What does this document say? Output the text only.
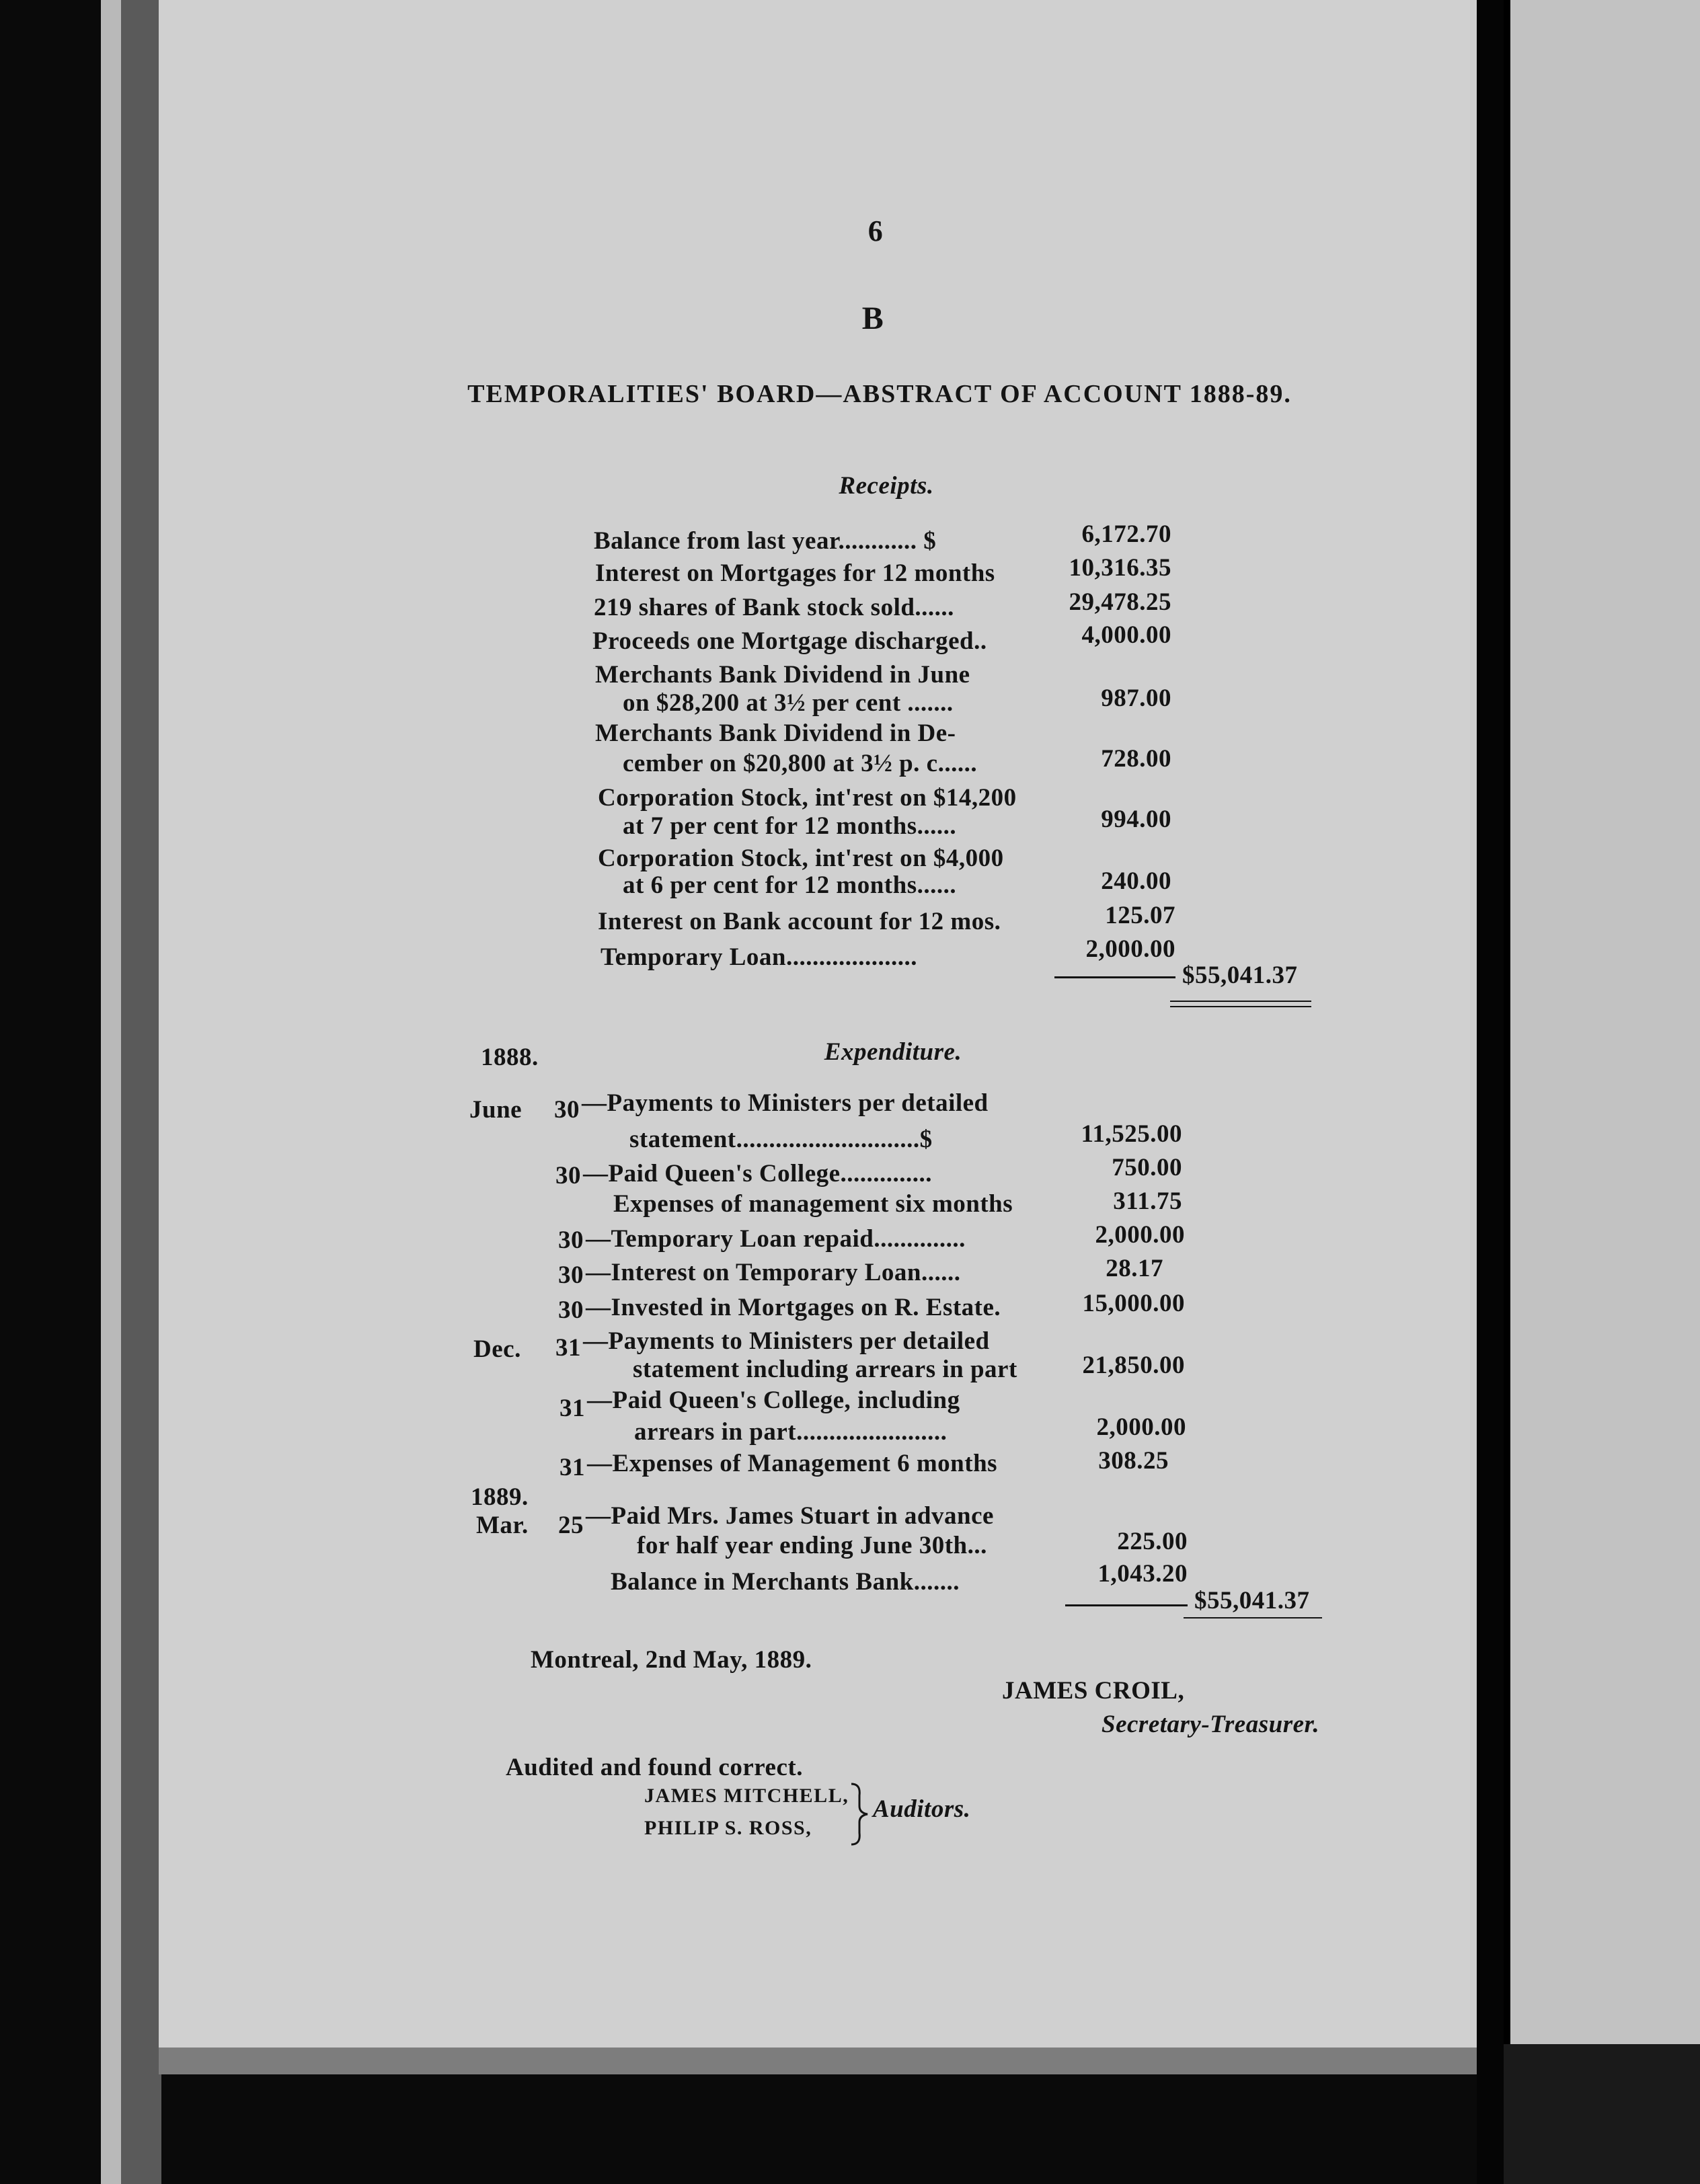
6
B
TEMPORALITIES' BOARD—ABSTRACT OF ACCOUNT 1888-89.
Receipts.
Balance from last year............ $	6,172.70
Interest on Mortgages for 12 months	10,316.35
219 shares of Bank stock sold......	29,478.25
Proceeds one Mortgage discharged..	4,000.00
Merchants Bank Dividend in June
on $28,200 at 3½ per cent .......	987.00
Merchants Bank Dividend in De-
cember on $20,800 at 3½ p. c......	728.00
Corporation Stock, int'rest on $14,200
at 7 per cent for 12 months......	994.00
Corporation Stock, int'rest on $4,000
at 6 per cent for 12 months......	240.00
Interest on Bank account for 12 mos.	125.07
Temporary Loan....................	2,000.00
$55,041.37
1888.	Expenditure.
June 30 —Payments to Ministers per detailed
statement............................$	11,525.00
30 —Paid Queen's College..............	750.00
Expenses of management six months	311.75
30 —Temporary Loan repaid..............	2,000.00
30 —Interest on Temporary Loan......	28.17
30 —Invested in Mortgages on R. Estate.	15,000.00
Dec. 31 —Payments to Ministers per detailed
statement including arrears in part	21,850.00
31 —Paid Queen's College, including
arrears in part.......................	2,000.00
31 —Expenses of Management 6 months	308.25
1889.
Mar. 25 —Paid Mrs. James Stuart in advance
for half year ending June 30th...	225.00
Balance in Merchants Bank.......	1,043.20
$55,041.37
Montreal, 2nd May, 1889.
JAMES CROIL,
Secretary-Treasurer.
Audited and found correct.
JAMES MITCHELL,
PHILIP S. ROSS,
Auditors.
